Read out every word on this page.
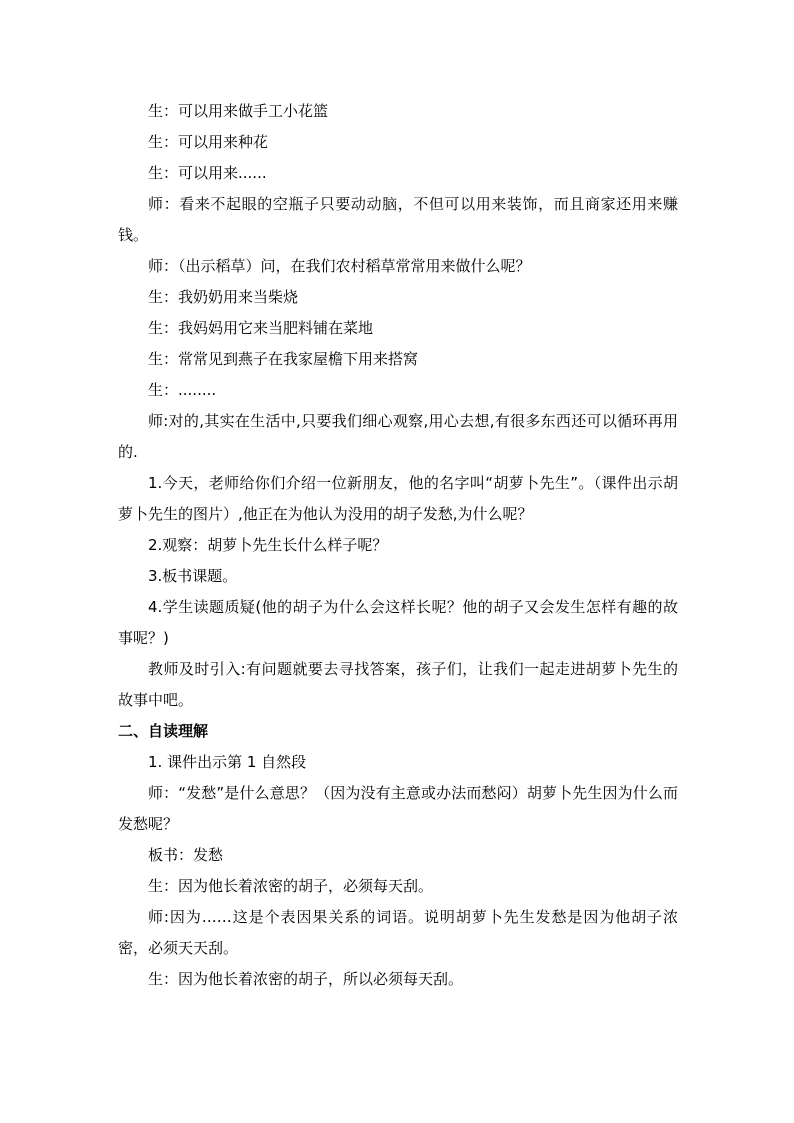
生：可以用来做手工小花篮

生：可以用来种花

生：可以用来......

师：看来不起眼的空瓶子只要动动脑，不但可以用来装饰，而且商家还用来赚钱。

师：（出示稻草）问，在我们农村稻草常常用来做什么呢？

生：我奶奶用来当柴烧

生：我妈妈用它来当肥料铺在菜地

生：常常见到燕子在我家屋檐下用来搭窝

生：........

师:对的,其实在生活中,只要我们细心观察,用心去想,有很多东西还可以循环再用的.

1.今天，老师给你们介绍一位新朋友，他的名字叫“胡萝卜先生”。（课件出示胡萝卜先生的图片）,他正在为他认为没用的胡子发愁,为什么呢？

2.观察：胡萝卜先生长什么样子呢？

3.板书课题。

4.学生读题质疑(他的胡子为什么会这样长呢？他的胡子又会发生怎样有趣的故事呢？)

教师及时引入:有问题就要去寻找答案，孩子们，让我们一起走进胡萝卜先生的故事中吧。

二、自读理解

1. 课件出示第 1 自然段

师：“发愁”是什么意思？（因为没有主意或办法而愁闷）胡萝卜先生因为什么而发愁呢？

板书：发愁

生：因为他长着浓密的胡子，必须每天刮。

师:因为……这是个表因果关系的词语。说明胡萝卜先生发愁是因为他胡子浓密，必须天天刮。

生：因为他长着浓密的胡子，所以必须每天刮。
